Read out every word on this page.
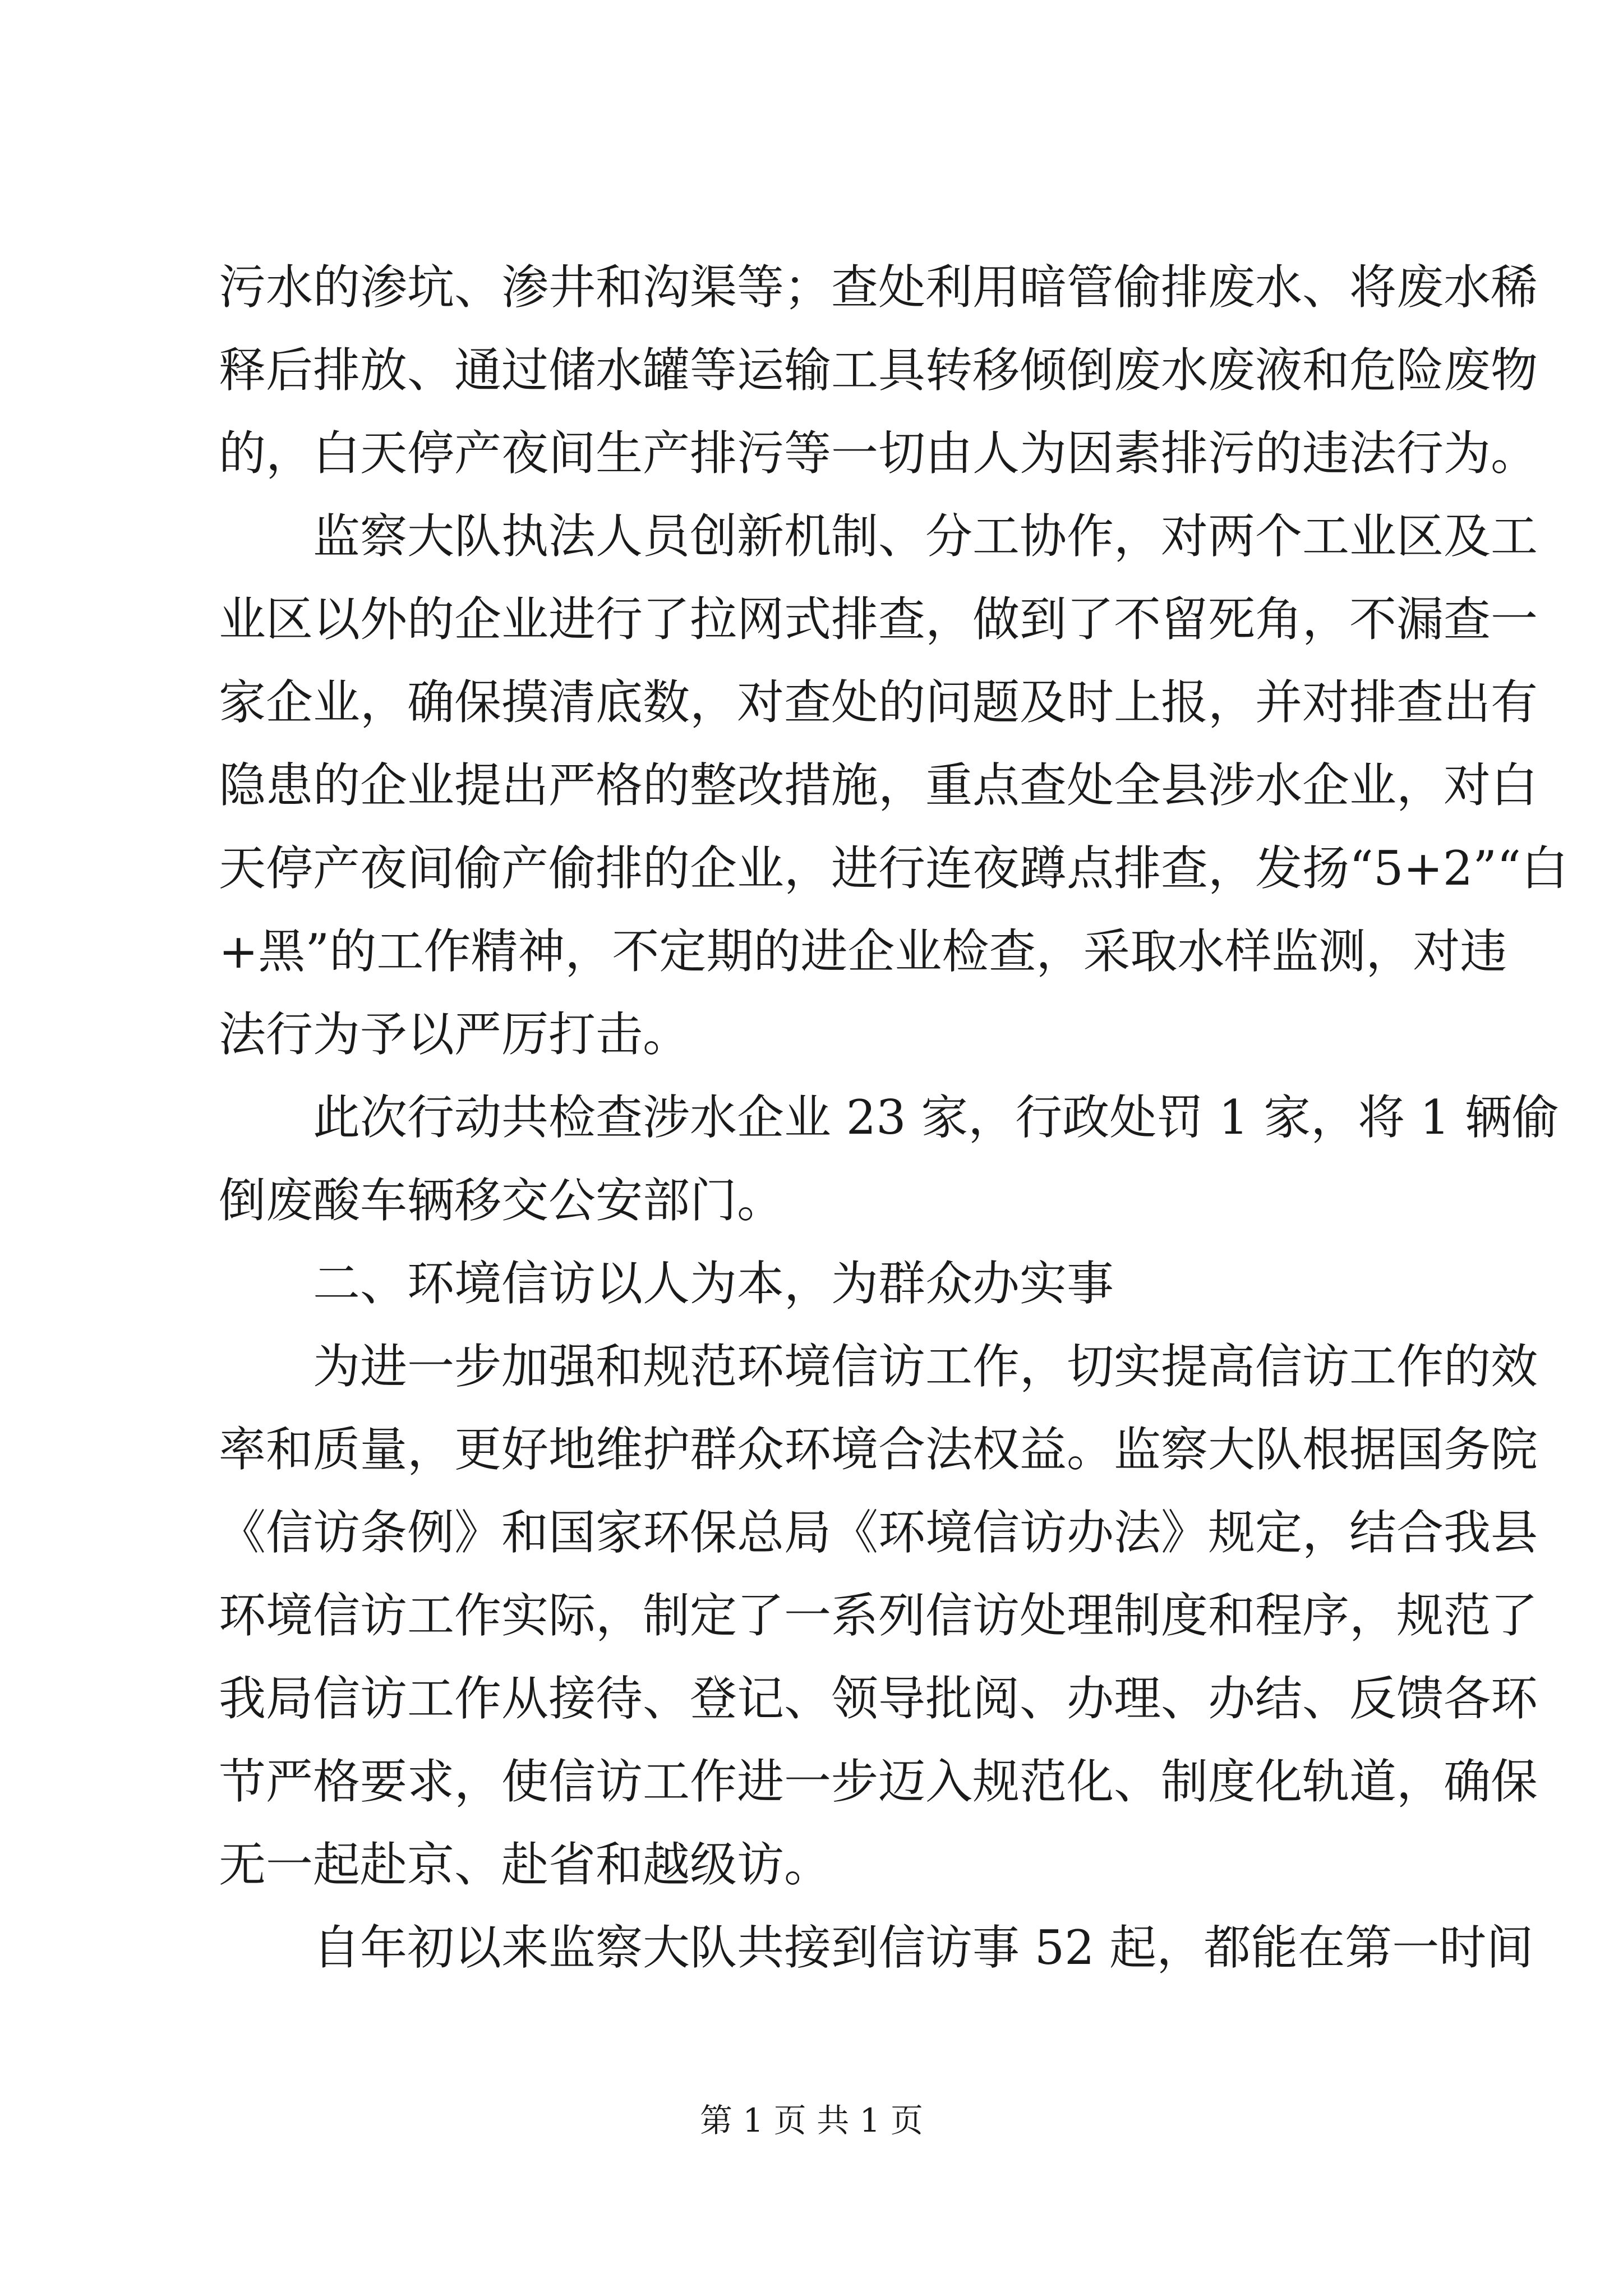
污水的渗坑、渗井和沟渠等；查处利用暗管偷排废水、将废水稀
释后排放、通过储水罐等运输工具转移倾倒废水废液和危险废物
的，白天停产夜间生产排污等一切由人为因素排污的违法行为。
　　监察大队执法人员创新机制、分工协作，对两个工业区及工
业区以外的企业进行了拉网式排查，做到了不留死角，不漏查一
家企业，确保摸清底数，对查处的问题及时上报，并对排查出有
隐患的企业提出严格的整改措施，重点查处全县涉水企业，对白
天停产夜间偷产偷排的企业，进行连夜蹲点排查，发扬“5+2”“白
+黑”的工作精神，不定期的进企业检查，采取水样监测，对违
法行为予以严厉打击。
　　此次行动共检查涉水企业 23 家，行政处罚 1 家，将 1 辆偷
倒废酸车辆移交公安部门。
　　二、环境信访以人为本，为群众办实事
　　为进一步加强和规范环境信访工作，切实提高信访工作的效
率和质量，更好地维护群众环境合法权益。监察大队根据国务院
《信访条例》和国家环保总局《环境信访办法》规定，结合我县
环境信访工作实际，制定了一系列信访处理制度和程序，规范了
我局信访工作从接待、登记、领导批阅、办理、办结、反馈各环
节严格要求，使信访工作进一步迈入规范化、制度化轨道，确保
无一起赴京、赴省和越级访。
　　自年初以来监察大队共接到信访事 52 起，都能在第一时间
第 1 页 共 1 页
